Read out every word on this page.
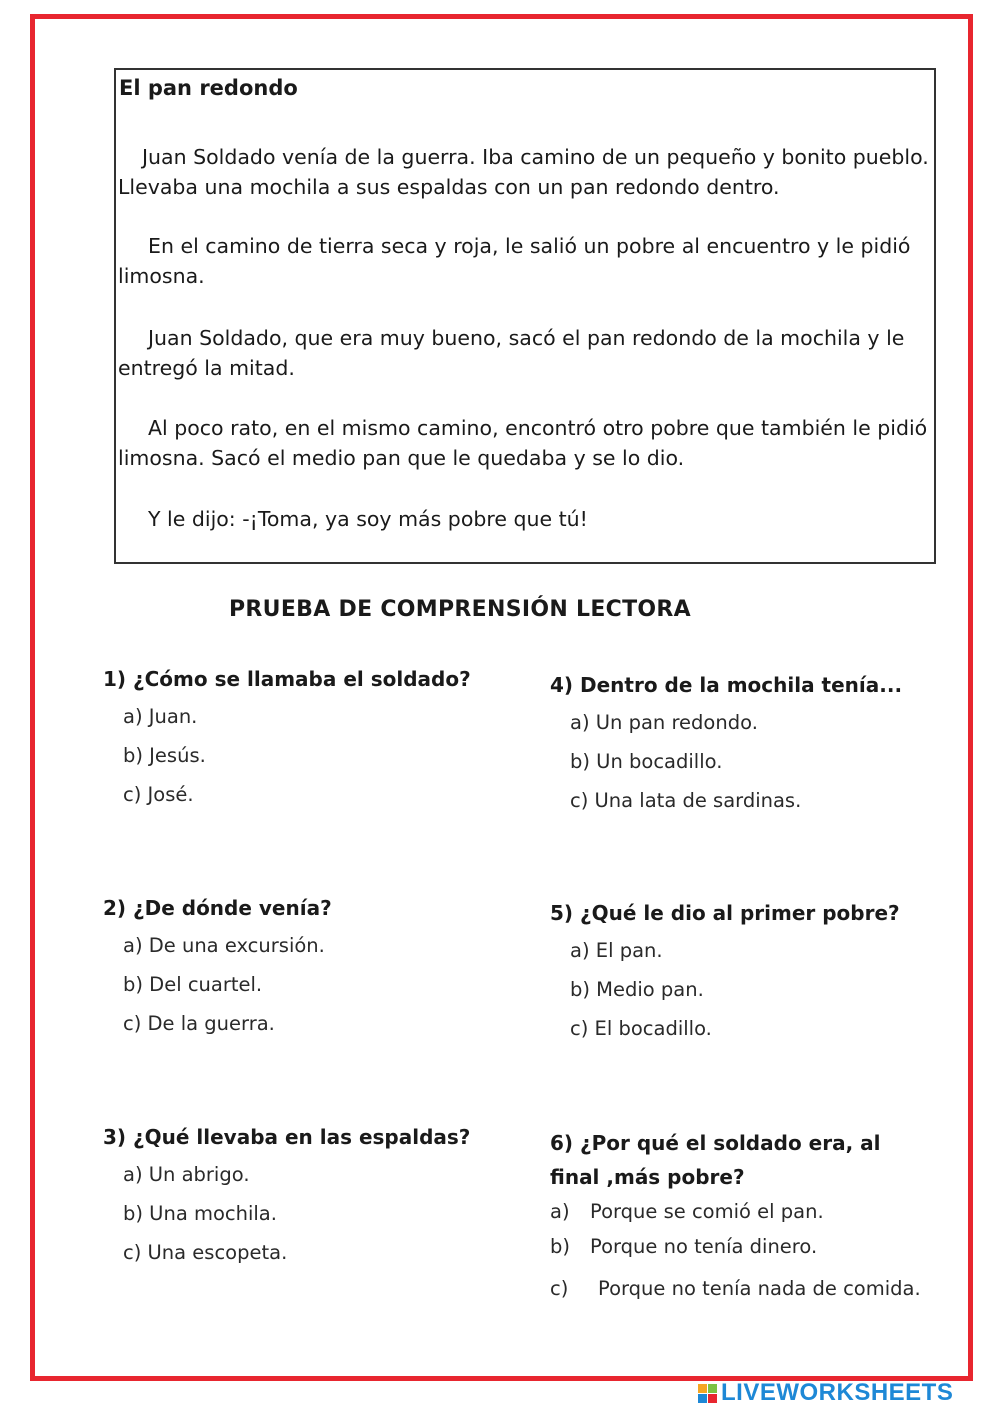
El pan redondo

Juan Soldado venía de la guerra. Iba camino de un pequeño y bonito pueblo. Llevaba una mochila a sus espaldas con un pan redondo dentro.

En el camino de tierra seca y roja, le salió un pobre al encuentro y le pidió limosna.

Juan Soldado, que era muy bueno, sacó el pan redondo de la mochila y le entregó la mitad.

Al poco rato, en el mismo camino, encontró otro pobre que también le pidió limosna. Sacó el medio pan que le quedaba y se lo dio.

Y le dijo: -¡Toma, ya soy más pobre que tú!

PRUEBA DE COMPRENSIÓN LECTORA

1) ¿Cómo se llamaba el soldado?

a) Juan.
b) Jesús.
c) José.

2) ¿De dónde venía?

a) De una excursión.
b) Del cuartel.
c) De la guerra.

3) ¿Qué llevaba en las espaldas?

a) Un abrigo.
b) Una mochila.
c) Una escopeta.

4) Dentro de la mochila tenía...

a) Un pan redondo.
b) Un bocadillo.
c) Una lata de sardinas.

5) ¿Qué le dio al primer pobre?

a) El pan.
b) Medio pan.
c) El bocadillo.

6) ¿Por qué el soldado era, al final ,más pobre?

a) Porque se comió el pan.
b) Porque no tenía dinero.
c) Porque no tenía nada de comida.
LIVEWORKSHEETS
